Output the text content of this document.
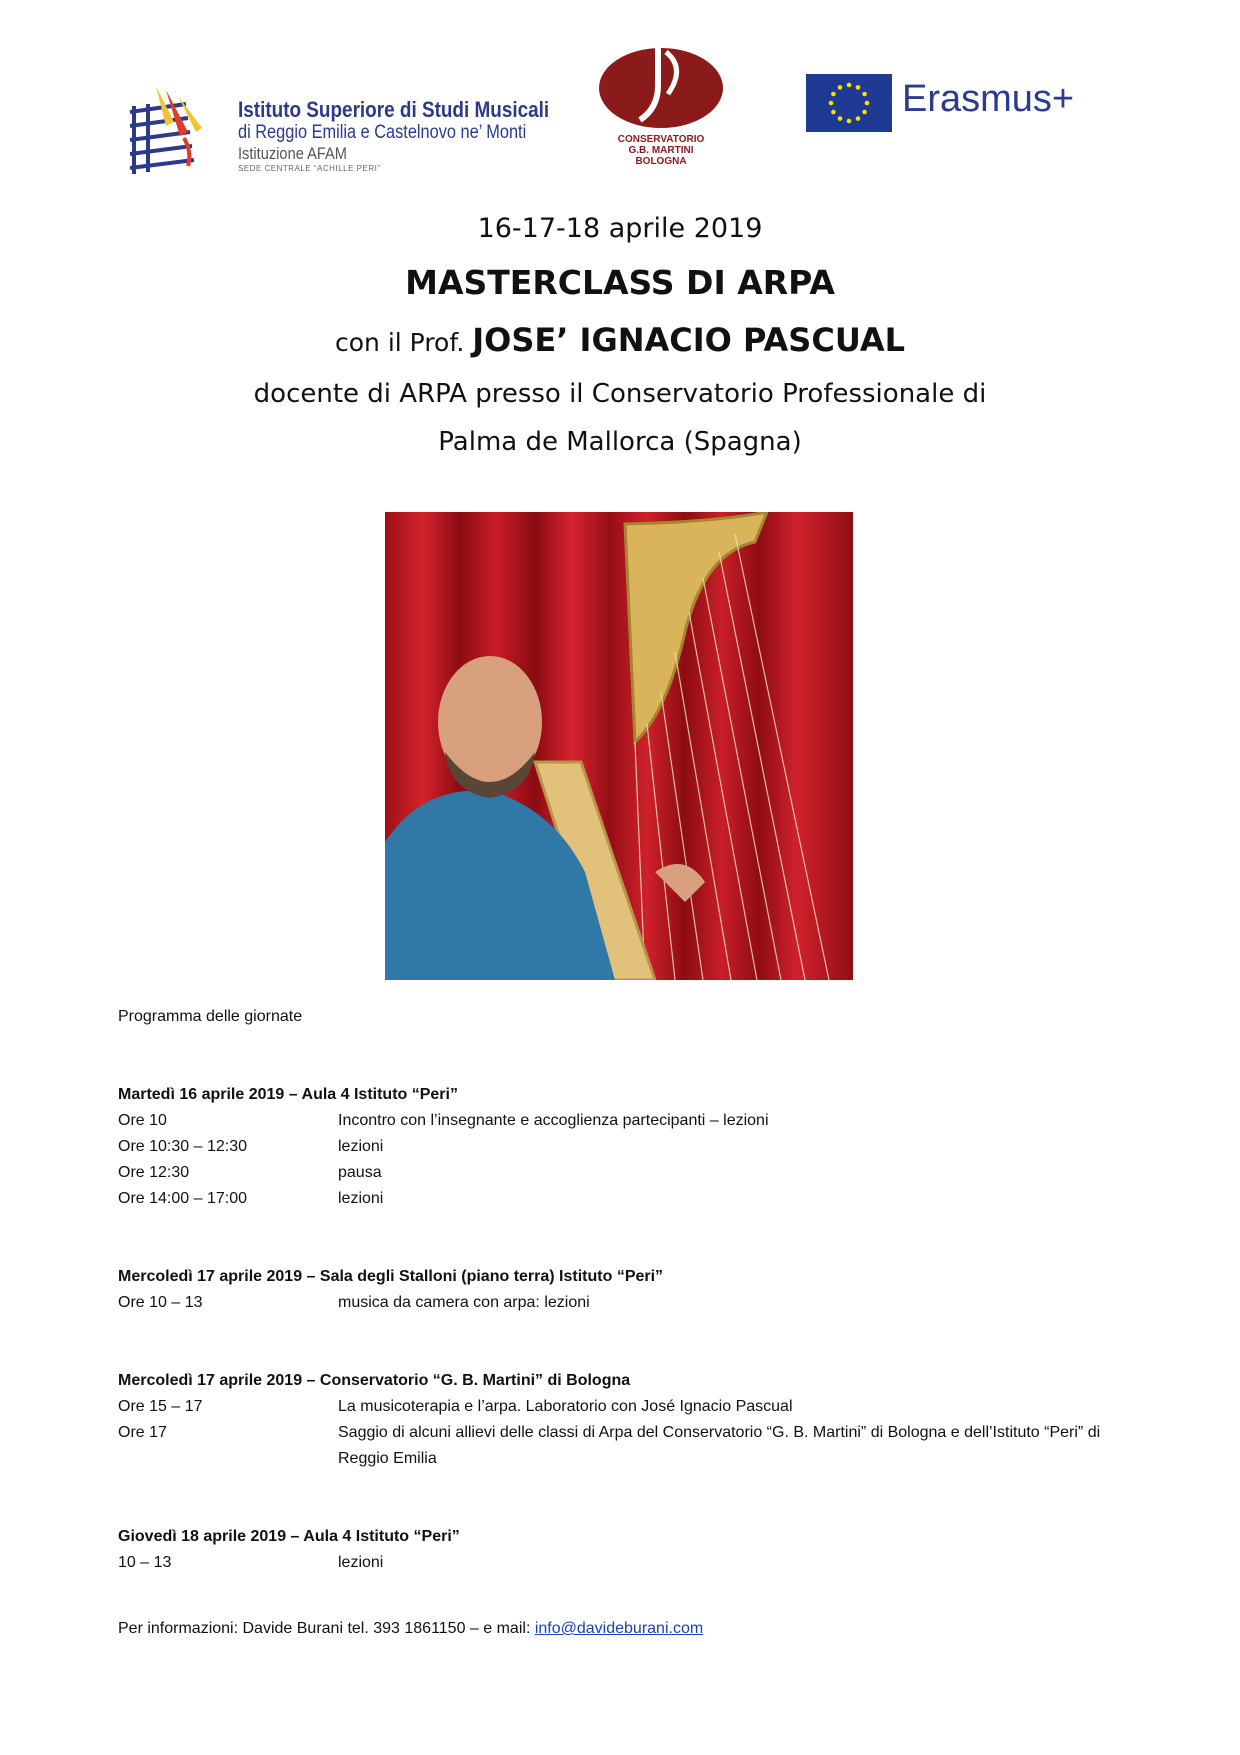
Istituto Superiore di Studi Musicali
di Reggio Emilia e Castelnovo ne’ Monti
Istituzione AFAM
SEDE CENTRALE “ACHILLE PERI”
CONSERVATORIO
G.B. MARTINI
BOLOGNA
Erasmus+
16-17-18 aprile 2019
MASTERCLASS DI ARPA
con il Prof. JOSE’ IGNACIO PASCUAL
docente di ARPA presso il Conservatorio Professionale di
Palma de Mallorca (Spagna)
Programma delle giornate
Martedì 16 aprile 2019 – Aula 4 Istituto “Peri”
Ore 10	Incontro con l’insegnante e accoglienza partecipanti – lezioni
Ore 10:30 – 12:30	lezioni
Ore 12:30	pausa
Ore 14:00 – 17:00	lezioni
Mercoledì 17 aprile 2019 – Sala degli Stalloni (piano terra) Istituto “Peri”
Ore 10 – 13	musica da camera con arpa: lezioni
Mercoledì 17 aprile 2019 – Conservatorio “G. B. Martini” di Bologna
Ore 15 – 17	La musicoterapia e l’arpa. Laboratorio con José Ignacio Pascual
Ore 17	Saggio di alcuni allievi delle classi di Arpa del Conservatorio “G. B. Martini” di Bologna e dell’Istituto “Peri” di Reggio Emilia
Giovedì 18 aprile 2019 – Aula 4 Istituto “Peri”
10 – 13	lezioni
Per informazioni: Davide Burani tel. 393 1861150 – e mail: info@davideburani.com
